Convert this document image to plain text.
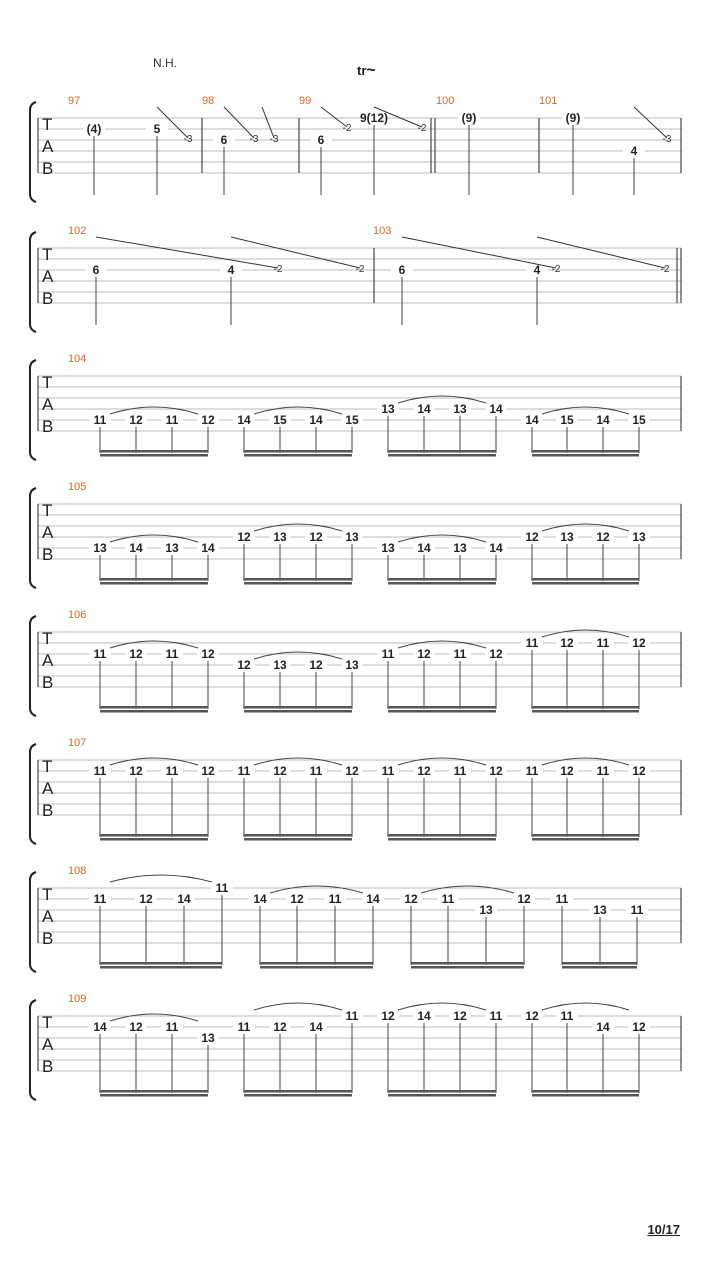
N.H.	tr~
T
A
B
97	98	99	100	101
(4)	5
6	6
9(12)	(9)	(9)
4
-3	-3 -3
-2	-2
-3
T
A
B
102	103
6	4	6	4
-2	-2	-2	-2
T
A
B
104
11 12 11 12 14 15 14 15
13 14 13 14
14 15 14 15
T
A
B
105
13 14 13 14
12 13 12 13
13 14 13 14
12 13 12 13
T
A
B
106
11 12 11 12
12 13 12 13
11 12 11 12
11 12 11 12
T
A
B
107
11 12 11 12 11 12 11 12 11 12 11 12 11 12 11 12
T
A
B
108
11	12 14
11
14 12 11 14 12 11
13
12 11
13 11
T
A
B
109
14 12 11
13
11 12 14
11 12 14 12 11 12 11
14 12
10/17
